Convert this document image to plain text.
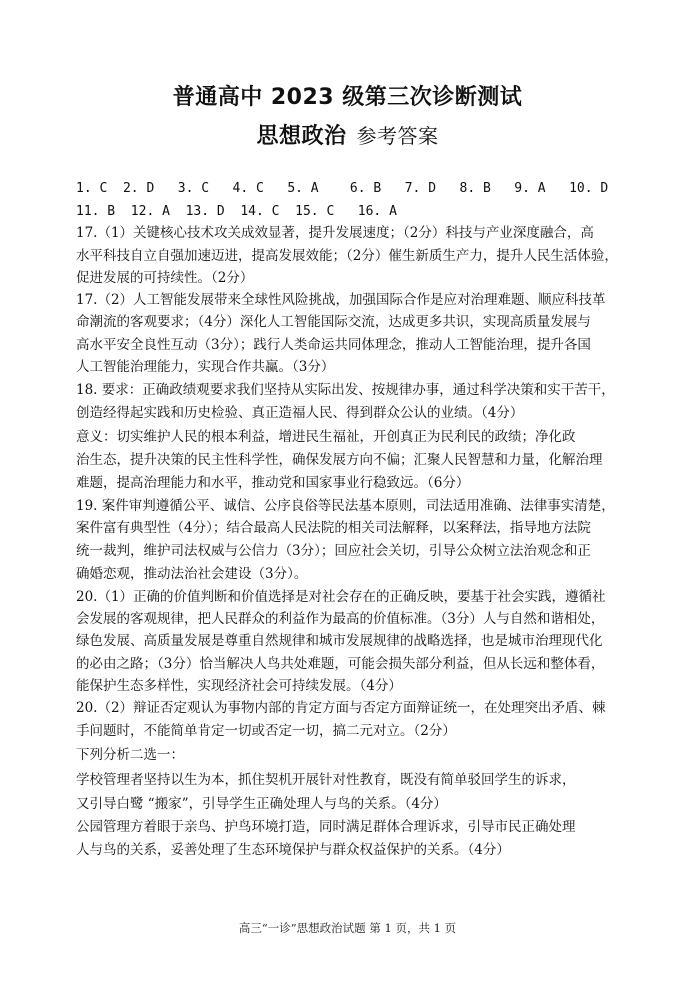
普通高中 2023 级第三次诊断测试
思想政治 参考答案
1. C  2. D   3. C   4. C   5. A    6. B   7. D   8. B   9. A   10. D
11. B  12. A  13. D  14. C  15. C   16. A
17.（1）关键核心技术攻关成效显著，提升发展速度；（2分）科技与产业深度融合，高
水平科技自立自强加速迈进，提高发展效能；（2分）催生新质生产力，提升人民生活体验，
促进发展的可持续性。（2分）
17.（2）人工智能发展带来全球性风险挑战，加强国际合作是应对治理难题、顺应科技革
命潮流的客观要求；（4分）深化人工智能国际交流，达成更多共识，实现高质量发展与
高水平安全良性互动（3分）；践行人类命运共同体理念，推动人工智能治理，提升各国
人工智能治理能力，实现合作共赢。（3分）
18. 要求：正确政绩观要求我们坚持从实际出发、按规律办事，通过科学决策和实干苦干，
创造经得起实践和历史检验、真正造福人民、得到群众公认的业绩。（4分）
意义：切实维护人民的根本利益，增进民生福祉，开创真正为民利民的政绩；净化政
治生态，提升决策的民主性科学性，确保发展方向不偏；汇聚人民智慧和力量，化解治理
难题，提高治理能力和水平，推动党和国家事业行稳致远。（6分）
19. 案件审判遵循公平、诚信、公序良俗等民法基本原则，司法适用准确、法律事实清楚，
案件富有典型性（4分）；结合最高人民法院的相关司法解释，以案释法，指导地方法院
统一裁判，维护司法权威与公信力（3分）；回应社会关切，引导公众树立法治观念和正
确婚恋观，推动法治社会建设（3分）。
20.（1）正确的价值判断和价值选择是对社会存在的正确反映，要基于社会实践，遵循社
会发展的客观规律，把人民群众的利益作为最高的价值标准。（3分）人与自然和谐相处，
绿色发展、高质量发展是尊重自然规律和城市发展规律的战略选择，也是城市治理现代化
的必由之路；（3分）恰当解决人鸟共处难题，可能会损失部分利益，但从长远和整体看，
能保护生态多样性，实现经济社会可持续发展。（4分）
20.（2）辩证否定观认为事物内部的肯定方面与否定方面辩证统一，在处理突出矛盾、棘
手问题时，不能简单肯定一切或否定一切，搞二元对立。（2分）
下列分析二选一：
学校管理者坚持以生为本，抓住契机开展针对性教育，既没有简单驳回学生的诉求，
又引导白鹭 “搬家”，引导学生正确处理人与鸟的关系。（4分）
公园管理方着眼于亲鸟、护鸟环境打造，同时满足群体合理诉求，引导市民正确处理
人与鸟的关系，妥善处理了生态环境保护与群众权益保护的关系。（4分）
高三“一诊”思想政治试题 第 1 页，共 1 页
